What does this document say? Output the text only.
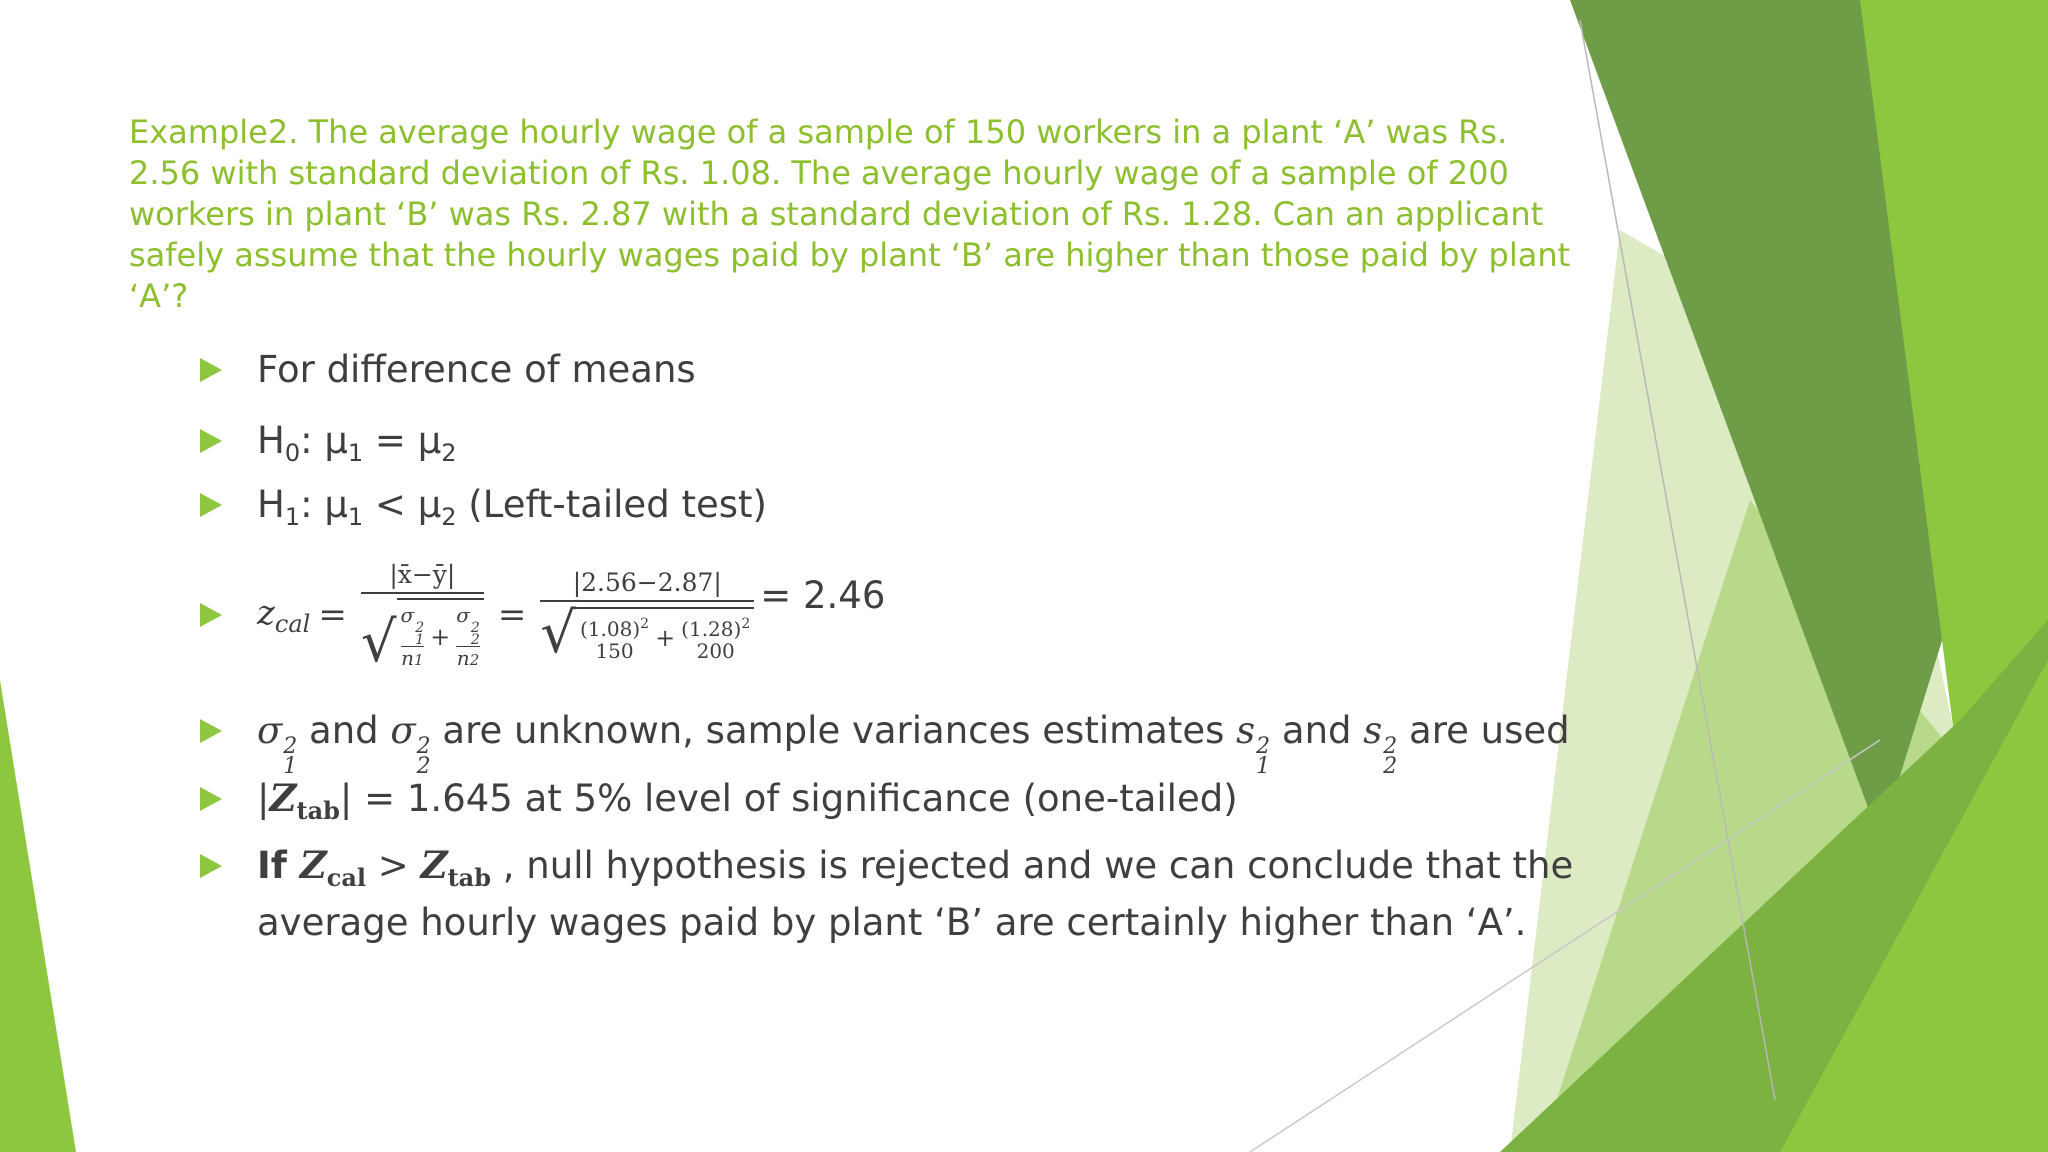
Example2. The average hourly wage of a sample of 150 workers in a plant ‘A’ was Rs. 2.56 with standard deviation of Rs. 1.08. The average hourly wage of a sample of 200 workers in plant ‘B’ was Rs. 2.87 with a standard deviation of Rs. 1.28. Can an applicant safely assume that the hourly wages paid by plant ‘B’ are higher than those paid by plant ‘A’?
For difference of means
$H_0$: $\mu_1 = \mu_2$
$H_1$: $\mu_1 < \mu_2$ (Left-tailed test)
$z_{cal}$ =
|x̄−ȳ|
√ σ
2
1
n1
+
σ
2
2
n2
=
|2.56−2.87|
√ $(1.08)^2$
$150 + (1.28)^2$
200
= 2.46
σ 2
1
and σ 2
2
are unknown, sample variances estimates s 2
1
and s 2
2
are used
$|Z_{tab}| = 1.645$ at 5% level of significance (one-tailed)
If $Z_{cal} > Z_{tab}$ , null hypothesis is rejected and we can conclude that the
average hourly wages paid by plant ‘B’ are certainly higher than ‘A’.
